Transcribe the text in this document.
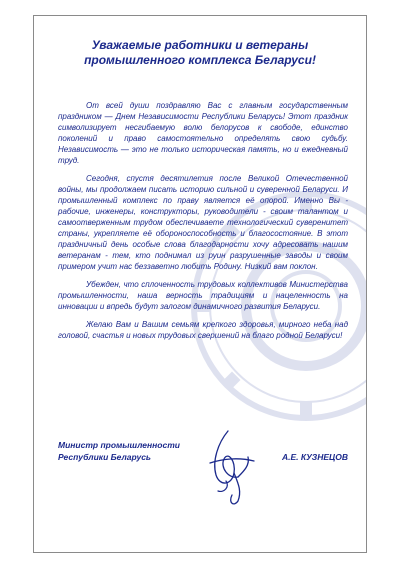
Уважаемые работники и ветераны
промышленного комплекса Беларуси!

От всей души поздравляю Вас с главным государственным праздником — Днем Независимости Республики Беларусь! Этот праздник символизирует несгибаемую волю белорусов к свободе, единство поколений и право самостоятельно определять свою судьбу. Независимость — это не только историческая память, но и ежедневный труд.

Сегодня, спустя десятилетия после Великой Отечественной войны, мы продолжаем писать историю сильной и суверенной Беларуси. И промышленный комплекс по праву является её опорой. Именно Вы - рабочие, инженеры, конструкторы, руководители - своим талантом и самоотверженным трудом обеспечиваете технологический суверенитет страны, укрепляете её обороноспособность и благосостояние. В этот праздничный день особые слова благодарности хочу адресовать нашим ветеранам - тем, кто поднимал из руин разрушенные заводы и своим примером учит нас беззаветно любить Родину. Низкий вам поклон.

Убежден, что сплоченность трудовых коллективов Министерства промышленности, наша верность традициям и нацеленность на инновации и впредь будут залогом динамичного развития Беларуси.

Желаю Вам и Вашим семьям крепкого здоровья, мирного неба над головой, счастья и новых трудовых свершений на благо родной Беларуси!

Министр промышленности
Республики Беларусь	А.Е. КУЗНЕЦОВ
